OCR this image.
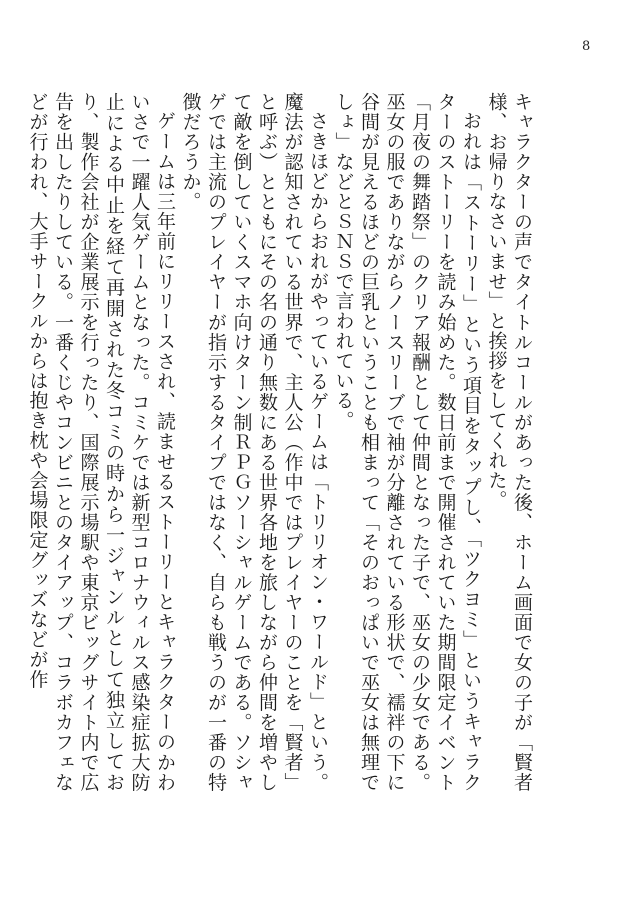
8

キャラクターの声でタイトルコールがあった後、ホーム画面で女の子が「賢者様、お帰りなさいませ」と挨拶をしてくれた。

おれは「ストーリー」という項目をタップし、「ツクヨミ」というキャラクターのストーリーを読み始めた。数日前まで開催されていた期間限定イベント「月夜の舞踏祭」のクリア報酬として仲間となった子で、巫女の少女である。巫女の服でありながらノースリーブで袖が分離されている形状で、襦袢の下に谷間が見えるほどの巨乳ということも相まって「そのおっぱいで巫女は無理でしょ」などとＳＮＳで言われている。

さきほどからおれがやっているゲームは「トリリオン・ワールド」という。魔法が認知されている世界で、主人公（作中ではプレイヤーのことを「賢者」と呼ぶ）とともにその名の通り無数にある世界各地を旅しながら仲間を増やして敵を倒していくスマホ向けターン制ＲＰＧソーシャルゲームである。ソシャゲでは主流のプレイヤーが指示するタイプではなく、自らも戦うのが一番の特徴だろうか。

ゲームは三年前にリリースされ、読ませるストーリーとキャラクターのかわいさで一躍人気ゲームとなった。コミケでは新型コロナウィルス感染症拡大防止による中止を経て再開された冬コミの時から一ジャンルとして独立しており、製作会社が企業展示を行ったり、国際展示場駅や東京ビッグサイト内で広告を出したりしている。一番くじやコンビニとのタイアップ、コラボカフェなどが行われ、大手サークルからは抱き枕や会場限定グッズなどが作
